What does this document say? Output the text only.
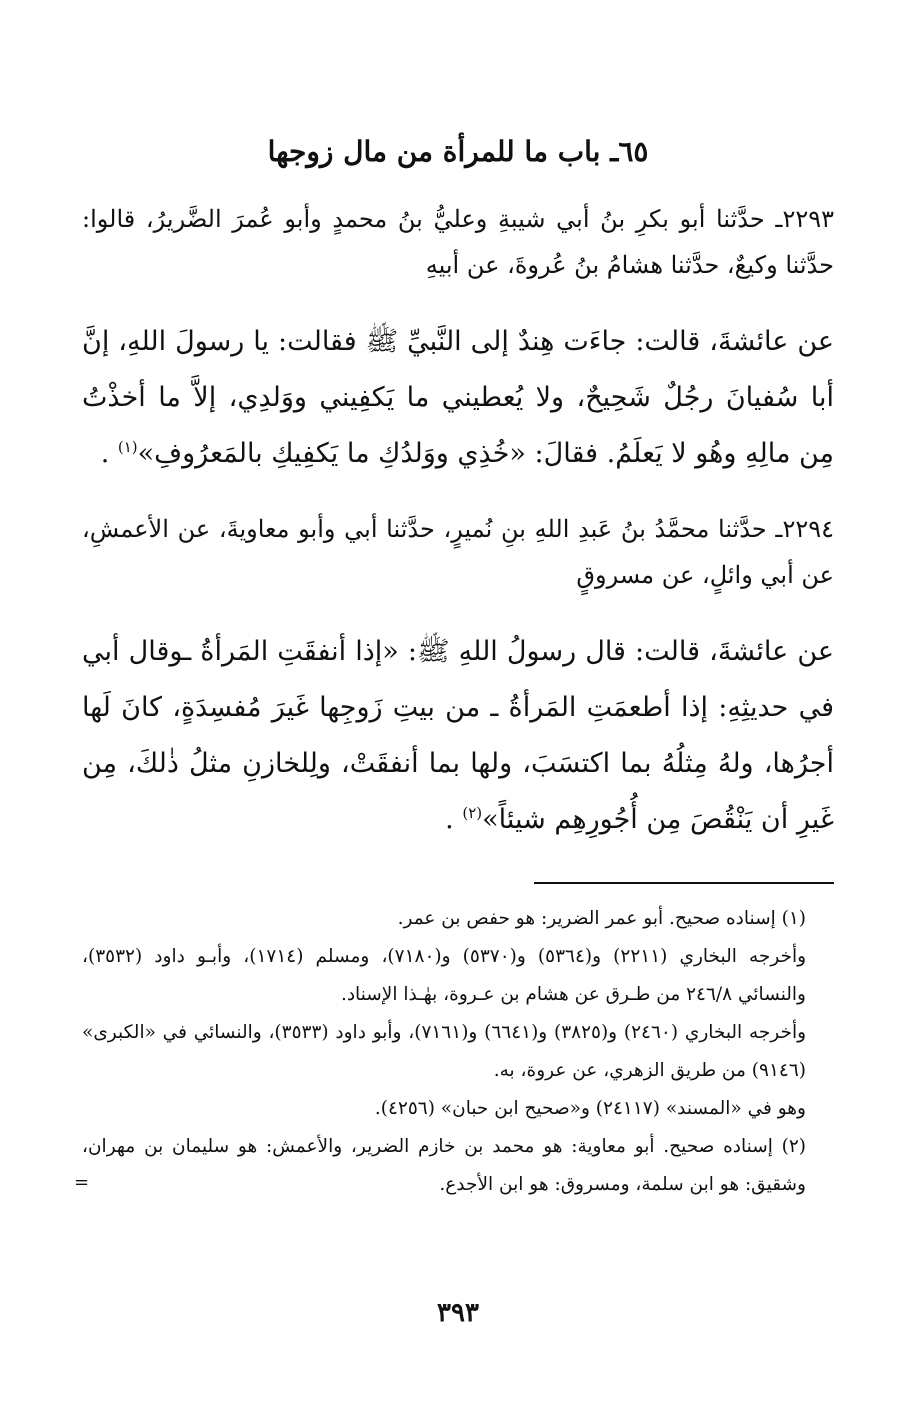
٦٥ـ باب ما للمرأة من مال زوجها

٢٢٩٣ـ حدَّثنا أبو بكرِ بنُ أبي شيبةِ وعليُّ بنُ محمدٍ وأبو عُمرَ الضَّريرُ، قالوا: حدَّثنا وكيعٌ، حدَّثنا هشامُ بنُ عُروةَ، عن أبيهِ

عن عائشةَ، قالت: جاءَت هِندٌ إلى النَّبيِّ ﷺ فقالت: يا رسولَ اللهِ، إنَّ أبا سُفيانَ رجُلٌ شَحِيحٌ، ولا يُعطيني ما يَكفِيني ووَلدِي، إلاَّ ما أخذْتُ مِن مالِهِ وهُو لا يَعلَمُ. فقالَ: «خُذِي ووَلدُكِ ما يَكفِيكِ بالمَعرُوفِ»$^{(١)}$ .

٢٢٩٤ـ حدَّثنا محمَّدُ بنُ عَبدِ اللهِ بنِ نُميرٍ، حدَّثنا أبي وأبو معاويةَ، عن الأعمشِ، عن أبي وائلٍ، عن مسروقٍ

عن عائشةَ، قالت: قال رسولُ اللهِ ﷺ: «إذا أنفقَتِ المَرأةُ ـوقال أبي في حديثِهِ: إذا أطعمَتِ المَرأةُ ـ من بيتِ زَوجِها غَيرَ مُفسِدَةٍ، كانَ لَها أجرُها، ولهُ مِثلُهُ بما اكتسَبَ، ولها بما أنفقَتْ، ولِلخازنِ مثلُ ذٰلكَ، مِن غَيرِ أن يَنْقُصَ مِن أُجُورِهِم شيئاً»$^{(٢)}$ .

(١) إسناده صحيح. أبو عمر الضرير: هو حفص بن عمر.

وأخرجه البخاري (٢٢١١) و(٥٣٦٤) و(٥٣٧٠) و(٧١٨٠)، ومسلم (١٧١٤)، وأبـو داود (٣٥٣٢)، والنسائي ٢٤٦/٨ من طـرق عن هشام بن عـروة، بهٰـذا الإسناد.

وأخرجه البخاري (٢٤٦٠) و(٣٨٢٥) و(٦٦٤١) و(٧١٦١)، وأبو داود (٣٥٣٣)، والنسائي في «الكبرى» (٩١٤٦) من طريق الزهري، عن عروة، به.

وهو في «المسند» (٢٤١١٧) و«صحيح ابن حبان» (٤٢٥٦).

(٢) إسناده صحيح. أبو معاوية: هو محمد بن خازم الضرير، والأعمش: هو سليمان بن مهران، وشقيق: هو ابن سلمة، ومسروق: هو ابن الأجدع.
=

٣٩٣
